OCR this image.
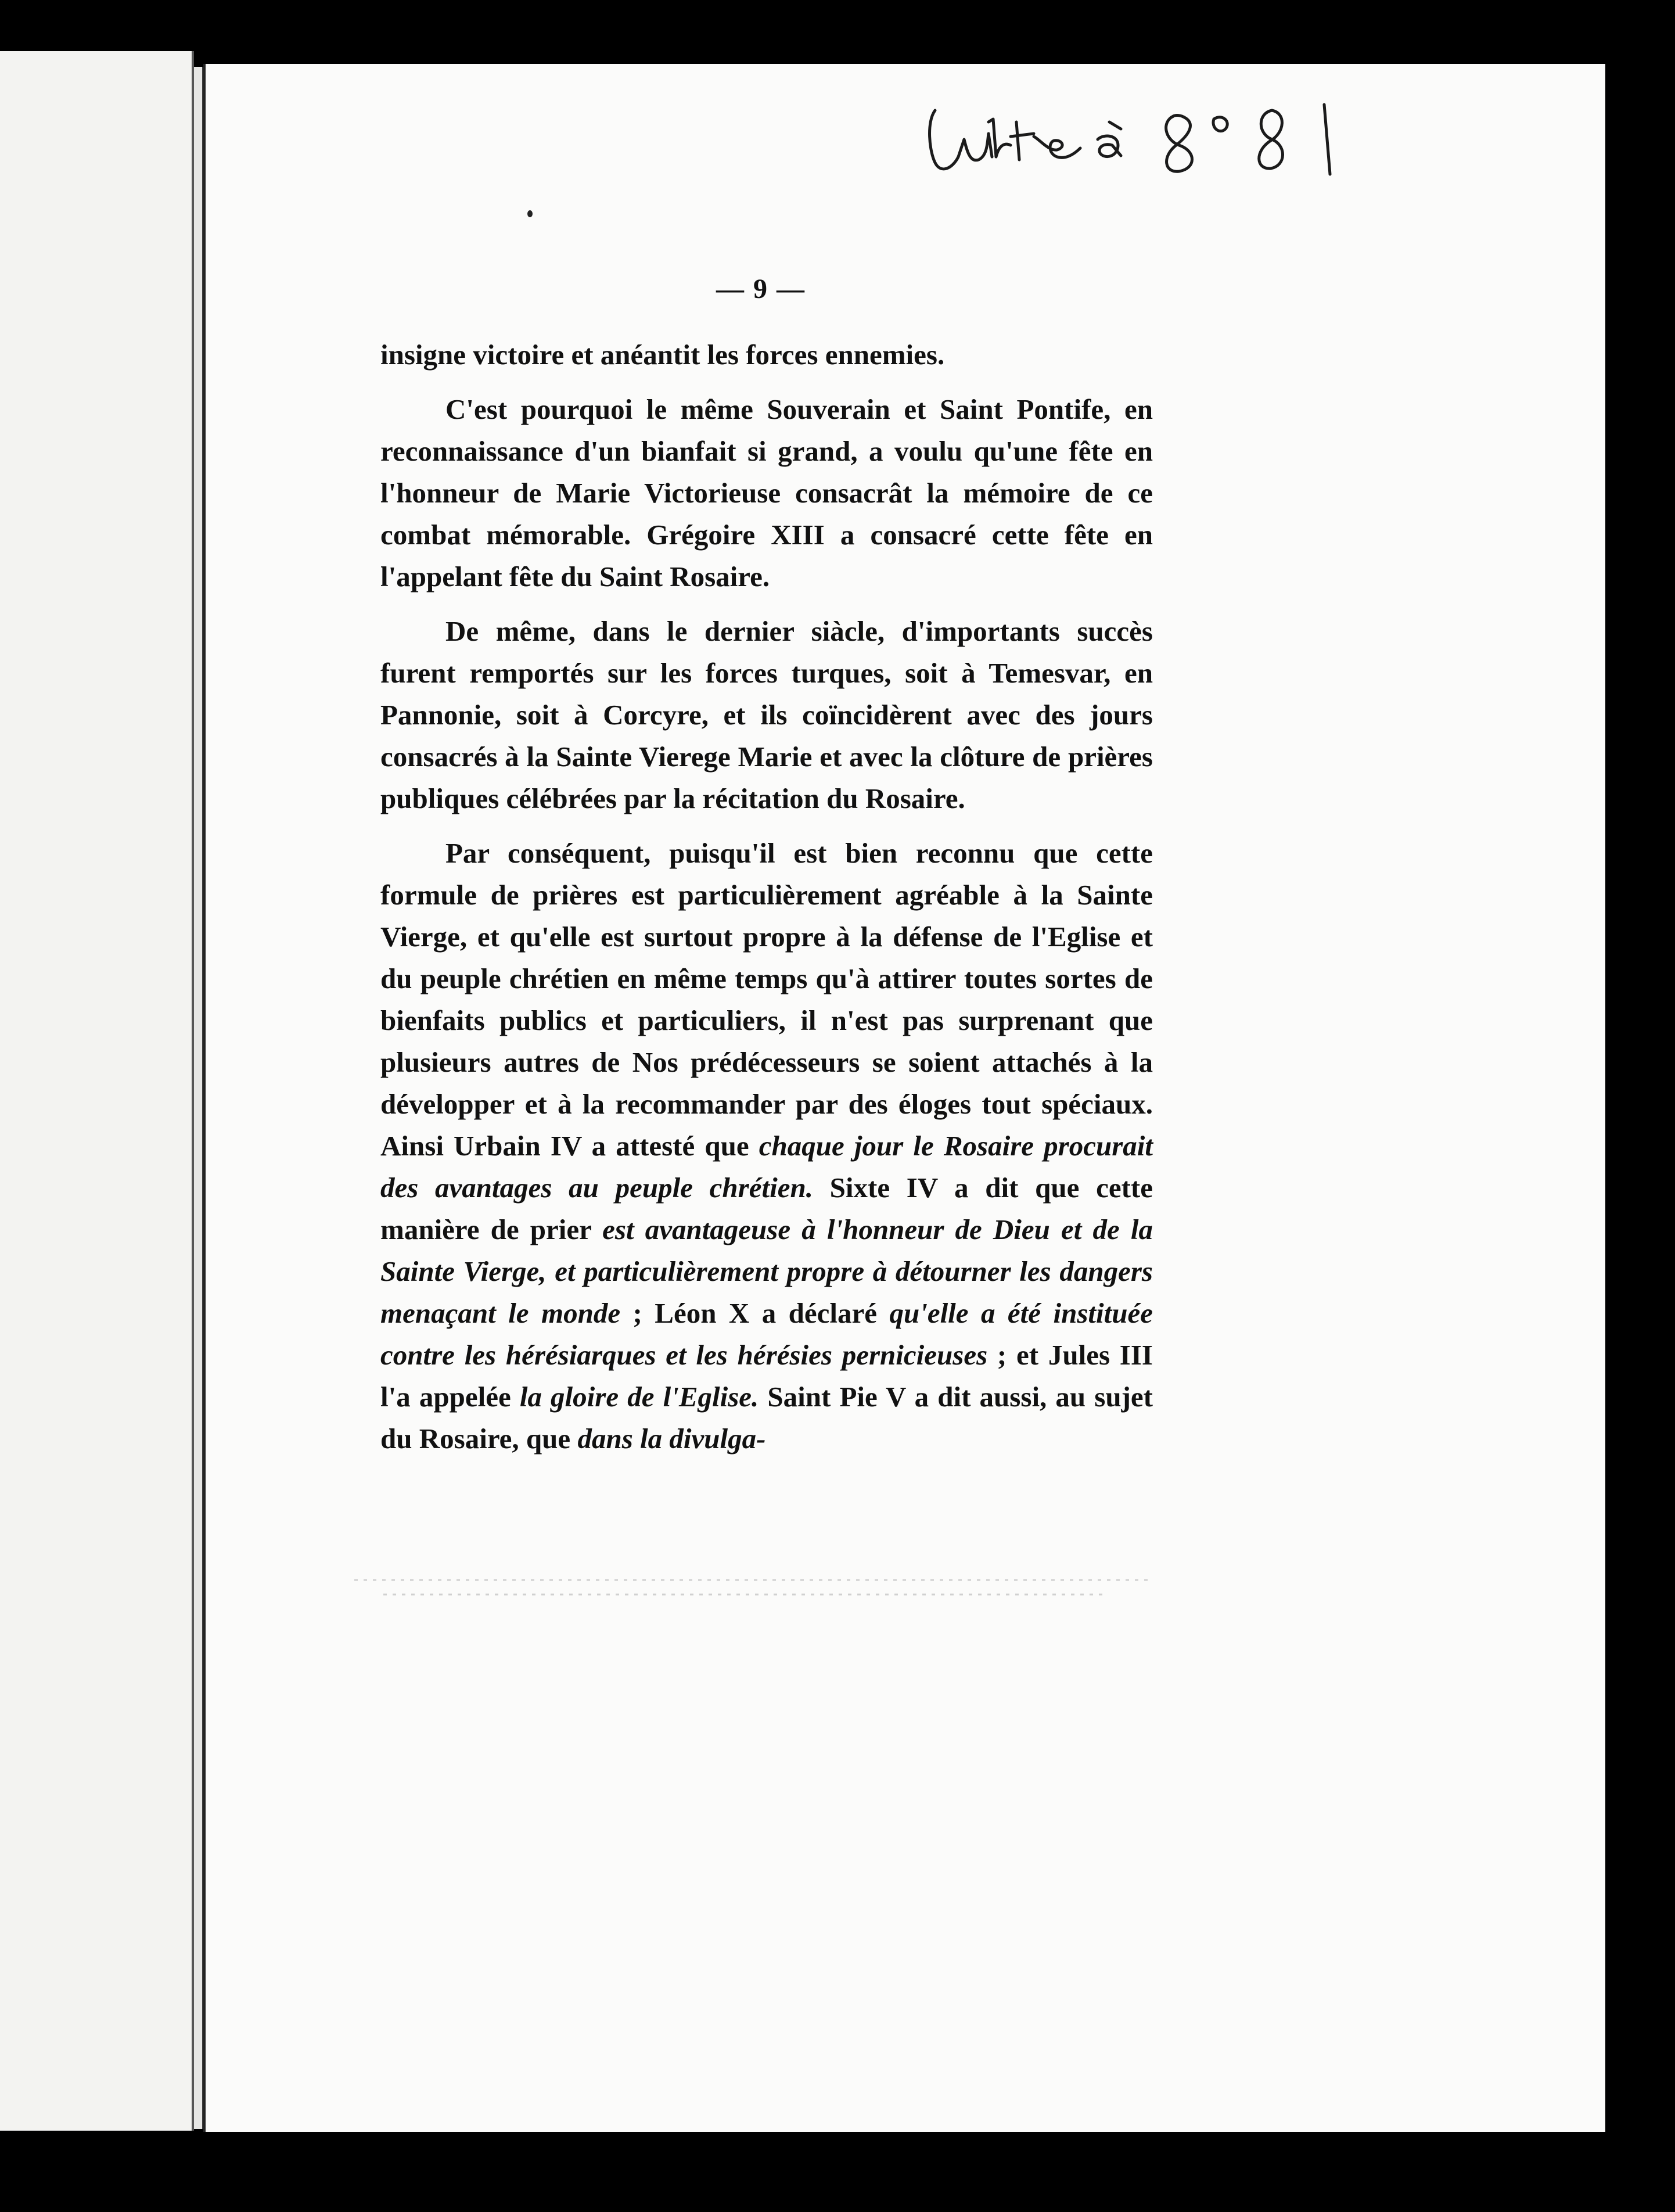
— 9 —

insigne victoire et anéantit les forces ennemies.

C'est pourquoi le même Souverain et Saint Pontife, en reconnaissance d'un bianfait si grand, a voulu qu'une fête en l'honneur de Marie Victorieuse consacrât la mémoire de ce combat mémorable. Grégoire XIII a consacré cette fête en l'appelant fête du Saint Rosaire.

De même, dans le dernier siàcle, d'importants succès furent remportés sur les forces turques, soit à Temesvar, en Pannonie, soit à Corcyre, et ils coïncidèrent avec des jours consacrés à la Sainte Vierege Marie et avec la clôture de prières publiques célébrées par la récitation du Rosaire.

Par conséquent, puisqu'il est bien reconnu que cette formule de prières est particulièrement agréable à la Sainte Vierge, et qu'elle est surtout propre à la défense de l'Eglise et du peuple chrétien en même temps qu'à attirer toutes sortes de bienfaits publics et particuliers, il n'est pas surprenant que plusieurs autres de Nos prédécesseurs se soient attachés à la développer et à la recommander par des éloges tout spéciaux. Ainsi Urbain IV a attesté que chaque jour le Rosaire procurait des avantages au peuple chrétien. Sixte IV a dit que cette manière de prier est avantageuse à l'honneur de Dieu et de la Sainte Vierge, et particulièrement propre à détourner les dangers menaçant le monde ; Léon X a déclaré qu'elle a été instituée contre les hérésiarques et les hérésies pernicieuses ; et Jules III l'a appelée la gloire de l'Eglise. Saint Pie V a dit aussi, au sujet du Rosaire, que dans la divulga-
